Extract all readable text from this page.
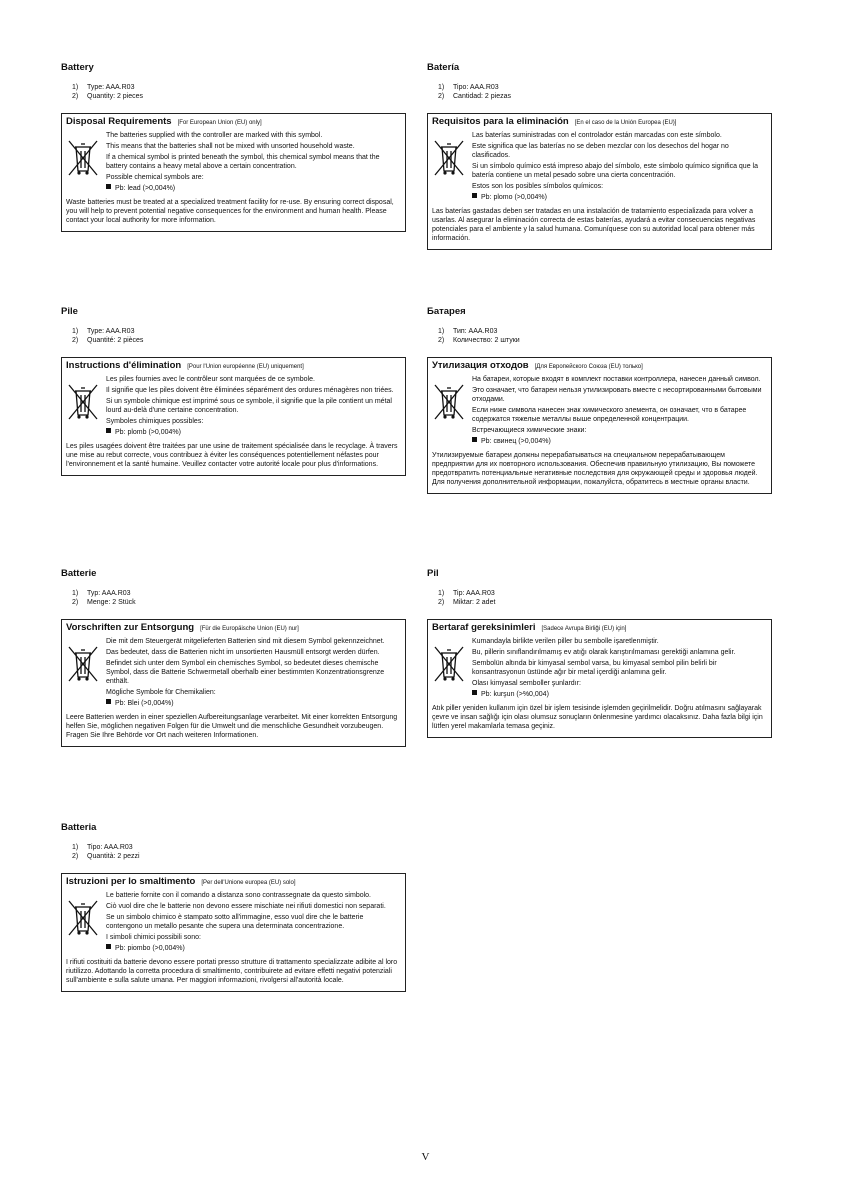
Battery
1) Type: AAA.R03
2) Quantity: 2 pieces
Disposal Requirements [For European Union (EU) only]

The batteries supplied with the controller are marked with this symbol.

This means that the batteries shall not be mixed with unsorted household waste.

If a chemical symbol is printed beneath the symbol, this chemical symbol means that the battery contains a heavy metal above a certain concentration.

Possible chemical symbols are:

Pb: lead (>0,004%)

Waste batteries must be treated at a specialized treatment facility for re-use. By ensuring correct disposal, you will help to prevent potential negative consequences for the environment and human health. Please contact your local authority for more information.

Batería
1) Tipo: AAA.R03
2) Cantidad: 2 piezas
Requisitos para la eliminación [En el caso de la Unión Europea (EU)]

Las baterías suministradas con el controlador están marcadas con este símbolo.

Este significa que las baterías no se deben mezclar con los desechos del hogar no clasificados.

Si un símbolo químico está impreso abajo del símbolo, este símbolo químico significa que la batería contiene un metal pesado sobre una cierta concentración.

Estos son los posibles símbolos químicos:

Pb: plomo (>0,004%)

Las baterías gastadas deben ser tratadas en una instalación de tratamiento especializada para volver a usarlas. Al asegurar la eliminación correcta de estas baterías, ayudará a evitar consecuencias negativas potenciales para el ambiente y la salud humana. Comuníquese con su autoridad local para obtener más información.

Pile
1) Type: AAA.R03
2) Quantité: 2 pièces
Instructions d'élimination [Pour l'Union européenne (EU) uniquement]

Les piles fournies avec le contrôleur sont marquées de ce symbole.

Il signifie que les piles doivent être éliminées séparément des ordures ménagères non triées.

Si un symbole chimique est imprimé sous ce symbole, il signifie que la pile contient un métal lourd au-delà d'une certaine concentration.

Symboles chimiques possibles:

Pb: plomb (>0,004%)

Les piles usagées doivent être traitées par une usine de traitement spécialisée dans le recyclage. À travers une mise au rebut correcte, vous contribuez à éviter les conséquences potentiellement néfastes pour l'environnement et la santé humaine. Veuillez contacter votre autorité locale pour plus d'informations.

Батарея
1) Тип: AAA.R03
2) Количество: 2 штуки
Утилизация отходов [Для Европейского Союза (EU) только]

На батареи, которые входят в комплект поставки контроллера, нанесен данный символ.

Это означает, что батареи нельзя утилизировать вместе с несортированными бытовыми отходами.

Если ниже символа нанесен знак химического элемента, он означает, что в батарее содержатся тяжелые металлы выше определенной концентрации.

Встречающиеся химические знаки:

Pb: свинец (>0,004%)

Утилизируемые батареи должны перерабатываться на специальном перерабатывающем предприятии для их повторного использования. Обеспечив правильную утилизацию, Вы поможете предотвратить потенциальные негативные последствия для окружающей среды и здоровья людей. Для получения дополнительной информации, пожалуйста, обратитесь в местные органы власти.

Batterie
1) Typ: AAA.R03
2) Menge: 2 Stück
Vorschriften zur Entsorgung [Für die Europäische Union (EU) nur]

Die mit dem Steuergerät mitgelieferten Batterien sind mit diesem Symbol gekennzeichnet.

Das bedeutet, dass die Batterien nicht im unsortierten Hausmüll entsorgt werden dürfen.

Befindet sich unter dem Symbol ein chemisches Symbol, so bedeutet dieses chemische Symbol, dass die Batterie Schwermetall oberhalb einer bestimmten Konzentrationsgrenze enthält.

Mögliche Symbole für Chemikalien:

Pb: Blei (>0,004%)

Leere Batterien werden in einer speziellen Aufbereitungsanlage verarbeitet. Mit einer korrekten Entsorgung helfen Sie, möglichen negativen Folgen für die Umwelt und die menschliche Gesundheit vorzubeugen. Fragen Sie Ihre Behörde vor Ort nach weiteren Informationen.

Pil
1) Tip: AAA.R03
2) Miktar: 2 adet
Bertaraf gereksinimleri [Sadece Avrupa Birliği (EU) için]

Kumandayla birlikte verilen piller bu sembolle işaretlenmiştir.

Bu, pillerin sınıflandırılmamış ev atığı olarak karıştırılmaması gerektiği anlamına gelir.

Sembolün altında bir kimyasal sembol varsa, bu kimyasal sembol pilin belirli bir konsantrasyonun üstünde ağır bir metal içerdiği anlamına gelir.

Olası kimyasal semboller şunlardır:

Pb: kurşun (>%0,004)

Atık piller yeniden kullanım için özel bir işlem tesisinde işlemden geçirilmelidir. Doğru atılmasını sağlayarak çevre ve insan sağlığı için olası olumsuz sonuçların önlenmesine yardımcı olacaksınız. Daha fazla bilgi için lütfen yerel makamlarla temasa geçiniz.

Batteria
1) Tipo: AAA.R03
2) Quantità: 2 pezzi
Istruzioni per lo smaltimento [Per dell'Unione europea (EU) solo]

Le batterie fornite con il comando a distanza sono contrassegnate da questo simbolo.

Ciò vuol dire che le batterie non devono essere mischiate nei rifiuti domestici non separati.

Se un simbolo chimico è stampato sotto all'immagine, esso vuol dire che le batterie contengono un metallo pesante che supera una determinata concentrazione.

I simboli chimici possibili sono:

Pb: piombo (>0,004%)

I rifiuti costituiti da batterie devono essere portati presso strutture di trattamento specializzate adibite al loro riutilizzo. Adottando la corretta procedura di smaltimento, contribuirete ad evitare effetti negativi potenziali sull'ambiente e sulla salute umana. Per maggiori informazioni, rivolgersi all'autorità locale.

V
